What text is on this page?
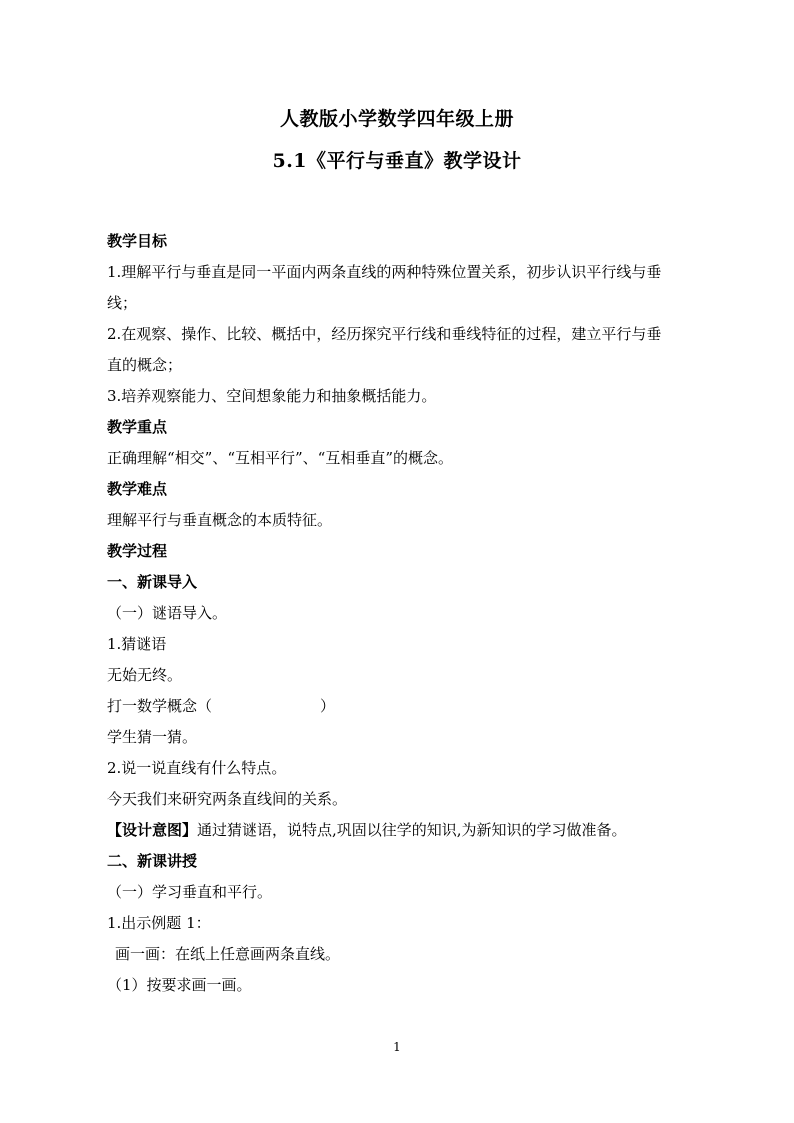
人教版小学数学四年级上册
5.1《平行与垂直》教学设计
教学目标
1.理解平行与垂直是同一平面内两条直线的两种特殊位置关系，初步认识平行线与垂
线；
2.在观察、操作、比较、概括中，经历探究平行线和垂线特征的过程，建立平行与垂
直的概念；
3.培养观察能力、空间想象能力和抽象概括能力。
教学重点
正确理解“相交”、“互相平行”、“互相垂直”的概念。
教学难点
理解平行与垂直概念的本质特征。
教学过程
一、新课导入
（一）谜语导入。
1.猜谜语
无始无终。
打一数学概念（	）
学生猜一猜。
2.说一说直线有什么特点。
今天我们来研究两条直线间的关系。
【设计意图】通过猜谜语，说特点,巩固以往学的知识,为新知识的学习做准备。
二、新课讲授
（一）学习垂直和平行。
1.出示例题 1：
画一画：在纸上任意画两条直线。
（1）按要求画一画。
1
